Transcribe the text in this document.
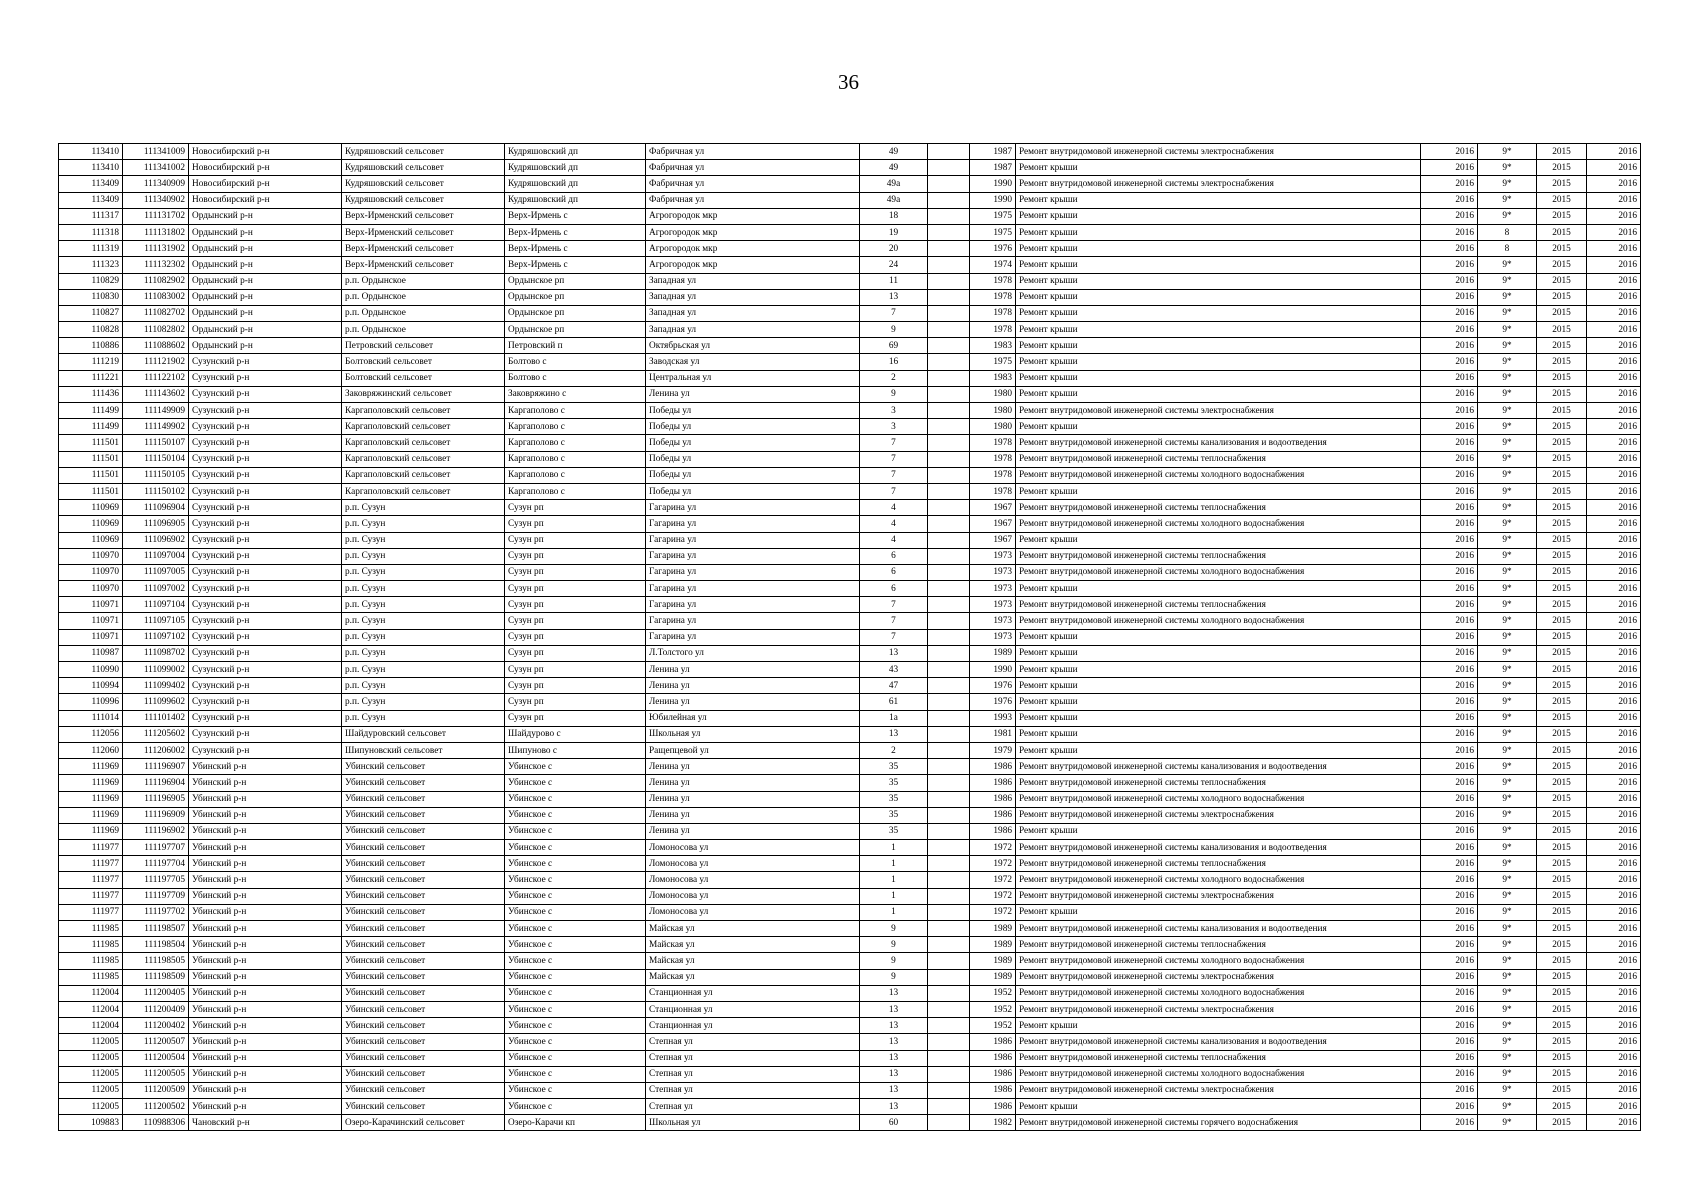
36
113410	111341009	Новосибирский р-н	Кудряшовский сельсовет	Кудряшовский дп	Фабричная ул	49		1987	Ремонт внутридомовой инженерной системы электроснабжения	2016	9*	2015	2016
113410	111341002	Новосибирский р-н	Кудряшовский сельсовет	Кудряшовский дп	Фабричная ул	49		1987	Ремонт крыши	2016	9*	2015	2016
113409	111340909	Новосибирский р-н	Кудряшовский сельсовет	Кудряшовский дп	Фабричная ул	49а		1990	Ремонт внутридомовой инженерной системы электроснабжения	2016	9*	2015	2016
113409	111340902	Новосибирский р-н	Кудряшовский сельсовет	Кудряшовский дп	Фабричная ул	49а		1990	Ремонт крыши	2016	9*	2015	2016
111317	111131702	Ордынский р-н	Верх-Ирменский сельсовет	Верх-Ирмень с	Агрогородок мкр	18		1975	Ремонт крыши	2016	9*	2015	2016
111318	111131802	Ордынский р-н	Верх-Ирменский сельсовет	Верх-Ирмень с	Агрогородок мкр	19		1975	Ремонт крыши	2016	8	2015	2016
111319	111131902	Ордынский р-н	Верх-Ирменский сельсовет	Верх-Ирмень с	Агрогородок мкр	20		1976	Ремонт крыши	2016	8	2015	2016
111323	111132302	Ордынский р-н	Верх-Ирменский сельсовет	Верх-Ирмень с	Агрогородок мкр	24		1974	Ремонт крыши	2016	9*	2015	2016
110829	111082902	Ордынский р-н	р.п. Ордынское	Ордынское рп	Западная ул	11		1978	Ремонт крыши	2016	9*	2015	2016
110830	111083002	Ордынский р-н	р.п. Ордынское	Ордынское рп	Западная ул	13		1978	Ремонт крыши	2016	9*	2015	2016
110827	111082702	Ордынский р-н	р.п. Ордынское	Ордынское рп	Западная ул	7		1978	Ремонт крыши	2016	9*	2015	2016
110828	111082802	Ордынский р-н	р.п. Ордынское	Ордынское рп	Западная ул	9		1978	Ремонт крыши	2016	9*	2015	2016
110886	111088602	Ордынский р-н	Петровский сельсовет	Петровский п	Октябрьская ул	69		1983	Ремонт крыши	2016	9*	2015	2016
111219	111121902	Сузунский р-н	Болтовский сельсовет	Болтово с	Заводская ул	16		1975	Ремонт крыши	2016	9*	2015	2016
111221	111122102	Сузунский р-н	Болтовский сельсовет	Болтово с	Центральная ул	2		1983	Ремонт крыши	2016	9*	2015	2016
111436	111143602	Сузунский р-н	Заковряжинский сельсовет	Заковряжино с	Ленина ул	9		1980	Ремонт крыши	2016	9*	2015	2016
111499	111149909	Сузунский р-н	Каргаполовский сельсовет	Каргаполово с	Победы ул	3		1980	Ремонт внутридомовой инженерной системы электроснабжения	2016	9*	2015	2016
111499	111149902	Сузунский р-н	Каргаполовский сельсовет	Каргаполово с	Победы ул	3		1980	Ремонт крыши	2016	9*	2015	2016
111501	111150107	Сузунский р-н	Каргаполовский сельсовет	Каргаполово с	Победы ул	7		1978	Ремонт внутридомовой инженерной системы канализования и водоотведения	2016	9*	2015	2016
111501	111150104	Сузунский р-н	Каргаполовский сельсовет	Каргаполово с	Победы ул	7		1978	Ремонт внутридомовой инженерной системы теплоснабжения	2016	9*	2015	2016
111501	111150105	Сузунский р-н	Каргаполовский сельсовет	Каргаполово с	Победы ул	7		1978	Ремонт внутридомовой инженерной системы холодного водоснабжения	2016	9*	2015	2016
111501	111150102	Сузунский р-н	Каргаполовский сельсовет	Каргаполово с	Победы ул	7		1978	Ремонт крыши	2016	9*	2015	2016
110969	111096904	Сузунский р-н	р.п. Сузун	Сузун рп	Гагарина ул	4		1967	Ремонт внутридомовой инженерной системы теплоснабжения	2016	9*	2015	2016
110969	111096905	Сузунский р-н	р.п. Сузун	Сузун рп	Гагарина ул	4		1967	Ремонт внутридомовой инженерной системы холодного водоснабжения	2016	9*	2015	2016
110969	111096902	Сузунский р-н	р.п. Сузун	Сузун рп	Гагарина ул	4		1967	Ремонт крыши	2016	9*	2015	2016
110970	111097004	Сузунский р-н	р.п. Сузун	Сузун рп	Гагарина ул	6		1973	Ремонт внутридомовой инженерной системы теплоснабжения	2016	9*	2015	2016
110970	111097005	Сузунский р-н	р.п. Сузун	Сузун рп	Гагарина ул	6		1973	Ремонт внутридомовой инженерной системы холодного водоснабжения	2016	9*	2015	2016
110970	111097002	Сузунский р-н	р.п. Сузун	Сузун рп	Гагарина ул	6		1973	Ремонт крыши	2016	9*	2015	2016
110971	111097104	Сузунский р-н	р.п. Сузун	Сузун рп	Гагарина ул	7		1973	Ремонт внутридомовой инженерной системы теплоснабжения	2016	9*	2015	2016
110971	111097105	Сузунский р-н	р.п. Сузун	Сузун рп	Гагарина ул	7		1973	Ремонт внутридомовой инженерной системы холодного водоснабжения	2016	9*	2015	2016
110971	111097102	Сузунский р-н	р.п. Сузун	Сузун рп	Гагарина ул	7		1973	Ремонт крыши	2016	9*	2015	2016
110987	111098702	Сузунский р-н	р.п. Сузун	Сузун рп	Л.Толстого ул	13		1989	Ремонт крыши	2016	9*	2015	2016
110990	111099002	Сузунский р-н	р.п. Сузун	Сузун рп	Ленина ул	43		1990	Ремонт крыши	2016	9*	2015	2016
110994	111099402	Сузунский р-н	р.п. Сузун	Сузун рп	Ленина ул	47		1976	Ремонт крыши	2016	9*	2015	2016
110996	111099602	Сузунский р-н	р.п. Сузун	Сузун рп	Ленина ул	61		1976	Ремонт крыши	2016	9*	2015	2016
111014	111101402	Сузунский р-н	р.п. Сузун	Сузун рп	Юбилейная ул	1а		1993	Ремонт крыши	2016	9*	2015	2016
112056	111205602	Сузунский р-н	Шайдуровский сельсовет	Шайдурово с	Школьная ул	13		1981	Ремонт крыши	2016	9*	2015	2016
112060	111206002	Сузунский р-н	Шипуновский сельсовет	Шипуново с	Ращепцевой ул	2		1979	Ремонт крыши	2016	9*	2015	2016
111969	111196907	Убинский р-н	Убинский сельсовет	Убинское с	Ленина ул	35		1986	Ремонт внутридомовой инженерной системы канализования и водоотведения	2016	9*	2015	2016
111969	111196904	Убинский р-н	Убинский сельсовет	Убинское с	Ленина ул	35		1986	Ремонт внутридомовой инженерной системы теплоснабжения	2016	9*	2015	2016
111969	111196905	Убинский р-н	Убинский сельсовет	Убинское с	Ленина ул	35		1986	Ремонт внутридомовой инженерной системы холодного водоснабжения	2016	9*	2015	2016
111969	111196909	Убинский р-н	Убинский сельсовет	Убинское с	Ленина ул	35		1986	Ремонт внутридомовой инженерной системы электроснабжения	2016	9*	2015	2016
111969	111196902	Убинский р-н	Убинский сельсовет	Убинское с	Ленина ул	35		1986	Ремонт крыши	2016	9*	2015	2016
111977	111197707	Убинский р-н	Убинский сельсовет	Убинское с	Ломоносова ул	1		1972	Ремонт внутридомовой инженерной системы канализования и водоотведения	2016	9*	2015	2016
111977	111197704	Убинский р-н	Убинский сельсовет	Убинское с	Ломоносова ул	1		1972	Ремонт внутридомовой инженерной системы теплоснабжения	2016	9*	2015	2016
111977	111197705	Убинский р-н	Убинский сельсовет	Убинское с	Ломоносова ул	1		1972	Ремонт внутридомовой инженерной системы холодного водоснабжения	2016	9*	2015	2016
111977	111197709	Убинский р-н	Убинский сельсовет	Убинское с	Ломоносова ул	1		1972	Ремонт внутридомовой инженерной системы электроснабжения	2016	9*	2015	2016
111977	111197702	Убинский р-н	Убинский сельсовет	Убинское с	Ломоносова ул	1		1972	Ремонт крыши	2016	9*	2015	2016
111985	111198507	Убинский р-н	Убинский сельсовет	Убинское с	Майская ул	9		1989	Ремонт внутридомовой инженерной системы канализования и водоотведения	2016	9*	2015	2016
111985	111198504	Убинский р-н	Убинский сельсовет	Убинское с	Майская ул	9		1989	Ремонт внутридомовой инженерной системы теплоснабжения	2016	9*	2015	2016
111985	111198505	Убинский р-н	Убинский сельсовет	Убинское с	Майская ул	9		1989	Ремонт внутридомовой инженерной системы холодного водоснабжения	2016	9*	2015	2016
111985	111198509	Убинский р-н	Убинский сельсовет	Убинское с	Майская ул	9		1989	Ремонт внутридомовой инженерной системы электроснабжения	2016	9*	2015	2016
112004	111200405	Убинский р-н	Убинский сельсовет	Убинское с	Станционная ул	13		1952	Ремонт внутридомовой инженерной системы холодного водоснабжения	2016	9*	2015	2016
112004	111200409	Убинский р-н	Убинский сельсовет	Убинское с	Станционная ул	13		1952	Ремонт внутридомовой инженерной системы электроснабжения	2016	9*	2015	2016
112004	111200402	Убинский р-н	Убинский сельсовет	Убинское с	Станционная ул	13		1952	Ремонт крыши	2016	9*	2015	2016
112005	111200507	Убинский р-н	Убинский сельсовет	Убинское с	Степная ул	13		1986	Ремонт внутридомовой инженерной системы канализования и водоотведения	2016	9*	2015	2016
112005	111200504	Убинский р-н	Убинский сельсовет	Убинское с	Степная ул	13		1986	Ремонт внутридомовой инженерной системы теплоснабжения	2016	9*	2015	2016
112005	111200505	Убинский р-н	Убинский сельсовет	Убинское с	Степная ул	13		1986	Ремонт внутридомовой инженерной системы холодного водоснабжения	2016	9*	2015	2016
112005	111200509	Убинский р-н	Убинский сельсовет	Убинское с	Степная ул	13		1986	Ремонт внутридомовой инженерной системы электроснабжения	2016	9*	2015	2016
112005	111200502	Убинский р-н	Убинский сельсовет	Убинское с	Степная ул	13		1986	Ремонт крыши	2016	9*	2015	2016
109883	110988306	Чановский р-н	Озеро-Карачинский сельсовет	Озеро-Карачи кп	Школьная ул	60		1982	Ремонт внутридомовой инженерной системы горячего водоснабжения	2016	9*	2015	2016
